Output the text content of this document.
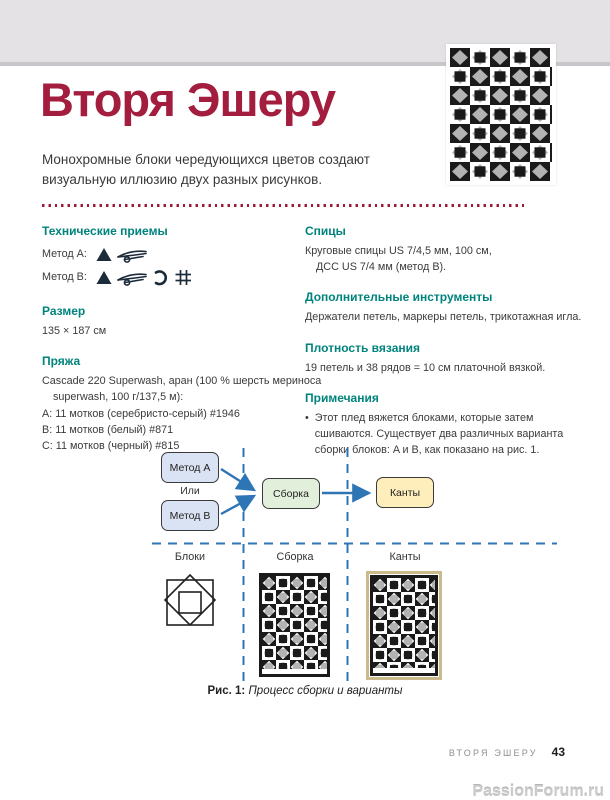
Вторя Эшеру
Монохромные блоки чередующихся цветов создают визуальную иллюзию двух разных рисунков.
Технические приемы
Метод A:
Метод B:
Размер
135 × 187 см
Пряжа
Cascade 220 Superwash, аран (100 % шерсть мериноса
superwash, 100 г/137,5 м):
A: 11 мотков (серебристо-серый) #1946
B: 11 мотков (белый) #871
C: 11 мотков (черный) #815
Спицы
Круговые спицы US 7/4,5 мм, 100 см,
ДСС US 7/4 мм (метод B).
Дополнительные инструменты
Держатели петель, маркеры петель, трикотажная игла.
Плотность вязания
19 петель и 38 рядов = 10 см платочной вязкой.
Примечания
• Этот плед вяжется блоками, которые затем сшиваются. Существует два различных варианта сборки блоков: A и B, как показано на рис. 1.
Метод A
Или
Метод B
Сборка	Канты
Блоки	Сборка	Канты
Рис. 1: Процесс сборки и варианты
ВТОРЯ ЭШЕРУ 43
PassionForum.ru
